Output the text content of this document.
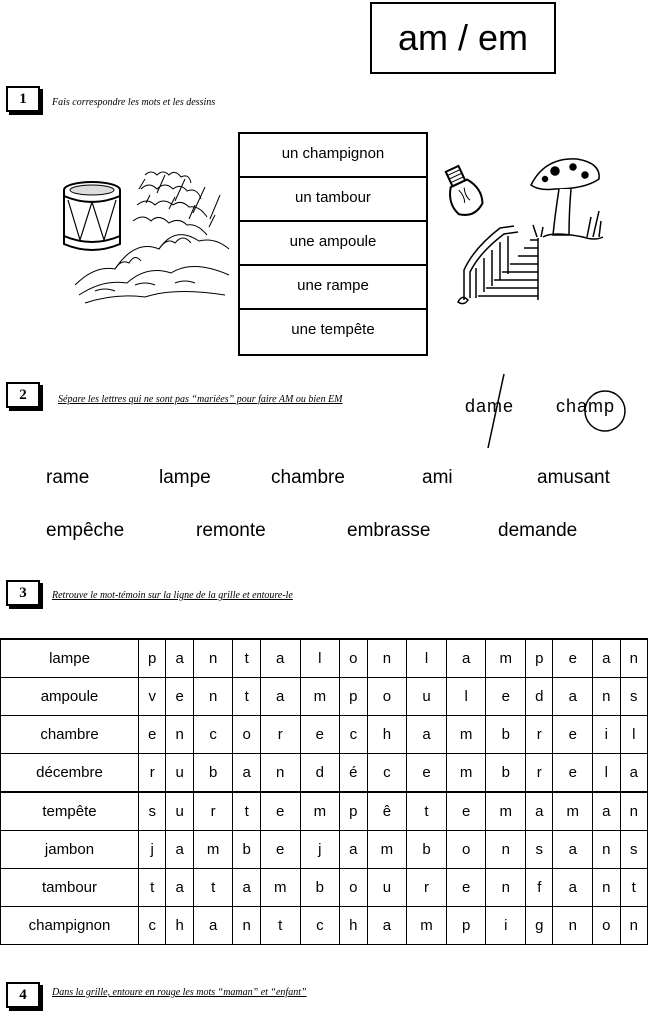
am / em
1	Fais correspondre les mots et les dessins
un champignon
un tambour
une ampoule
une rampe
une tempête
2	Sépare les lettres qui ne sont pas “mariées” pour faire AM ou bien EM	dame champ
rame	lampe	chambre	ami	amusant
empêche	remonte	embrasse	demande
3	Retrouve le mot-témoin sur la ligne de la grille et entoure-le
lampe	p	a	n	t	a	l	o	n	l	a	m	p	e	a	n
ampoule	v	e	n	t	a	m	p	o	u	l	e	d	a	n	s
chambre	e	n	c	o	r	e	c	h	a	m	b	r	e	i	l
décembre	r	u	b	a	n	d	é	c	e	m	b	r	e	l	a
tempête	s	u	r	t	e	m	p	ê	t	e	m	a	m	a	n
jambon	j	a	m	b	e	j	a	m	b	o	n	s	a	n	s
tambour	t	a	t	a	m	b	o	u	r	e	n	f	a	n	t
champignon	c	h	a	n	t	c	h	a	m	p	i	g	n	o	n
4	Dans la grille, entoure en rouge les mots “maman” et “enfant”
